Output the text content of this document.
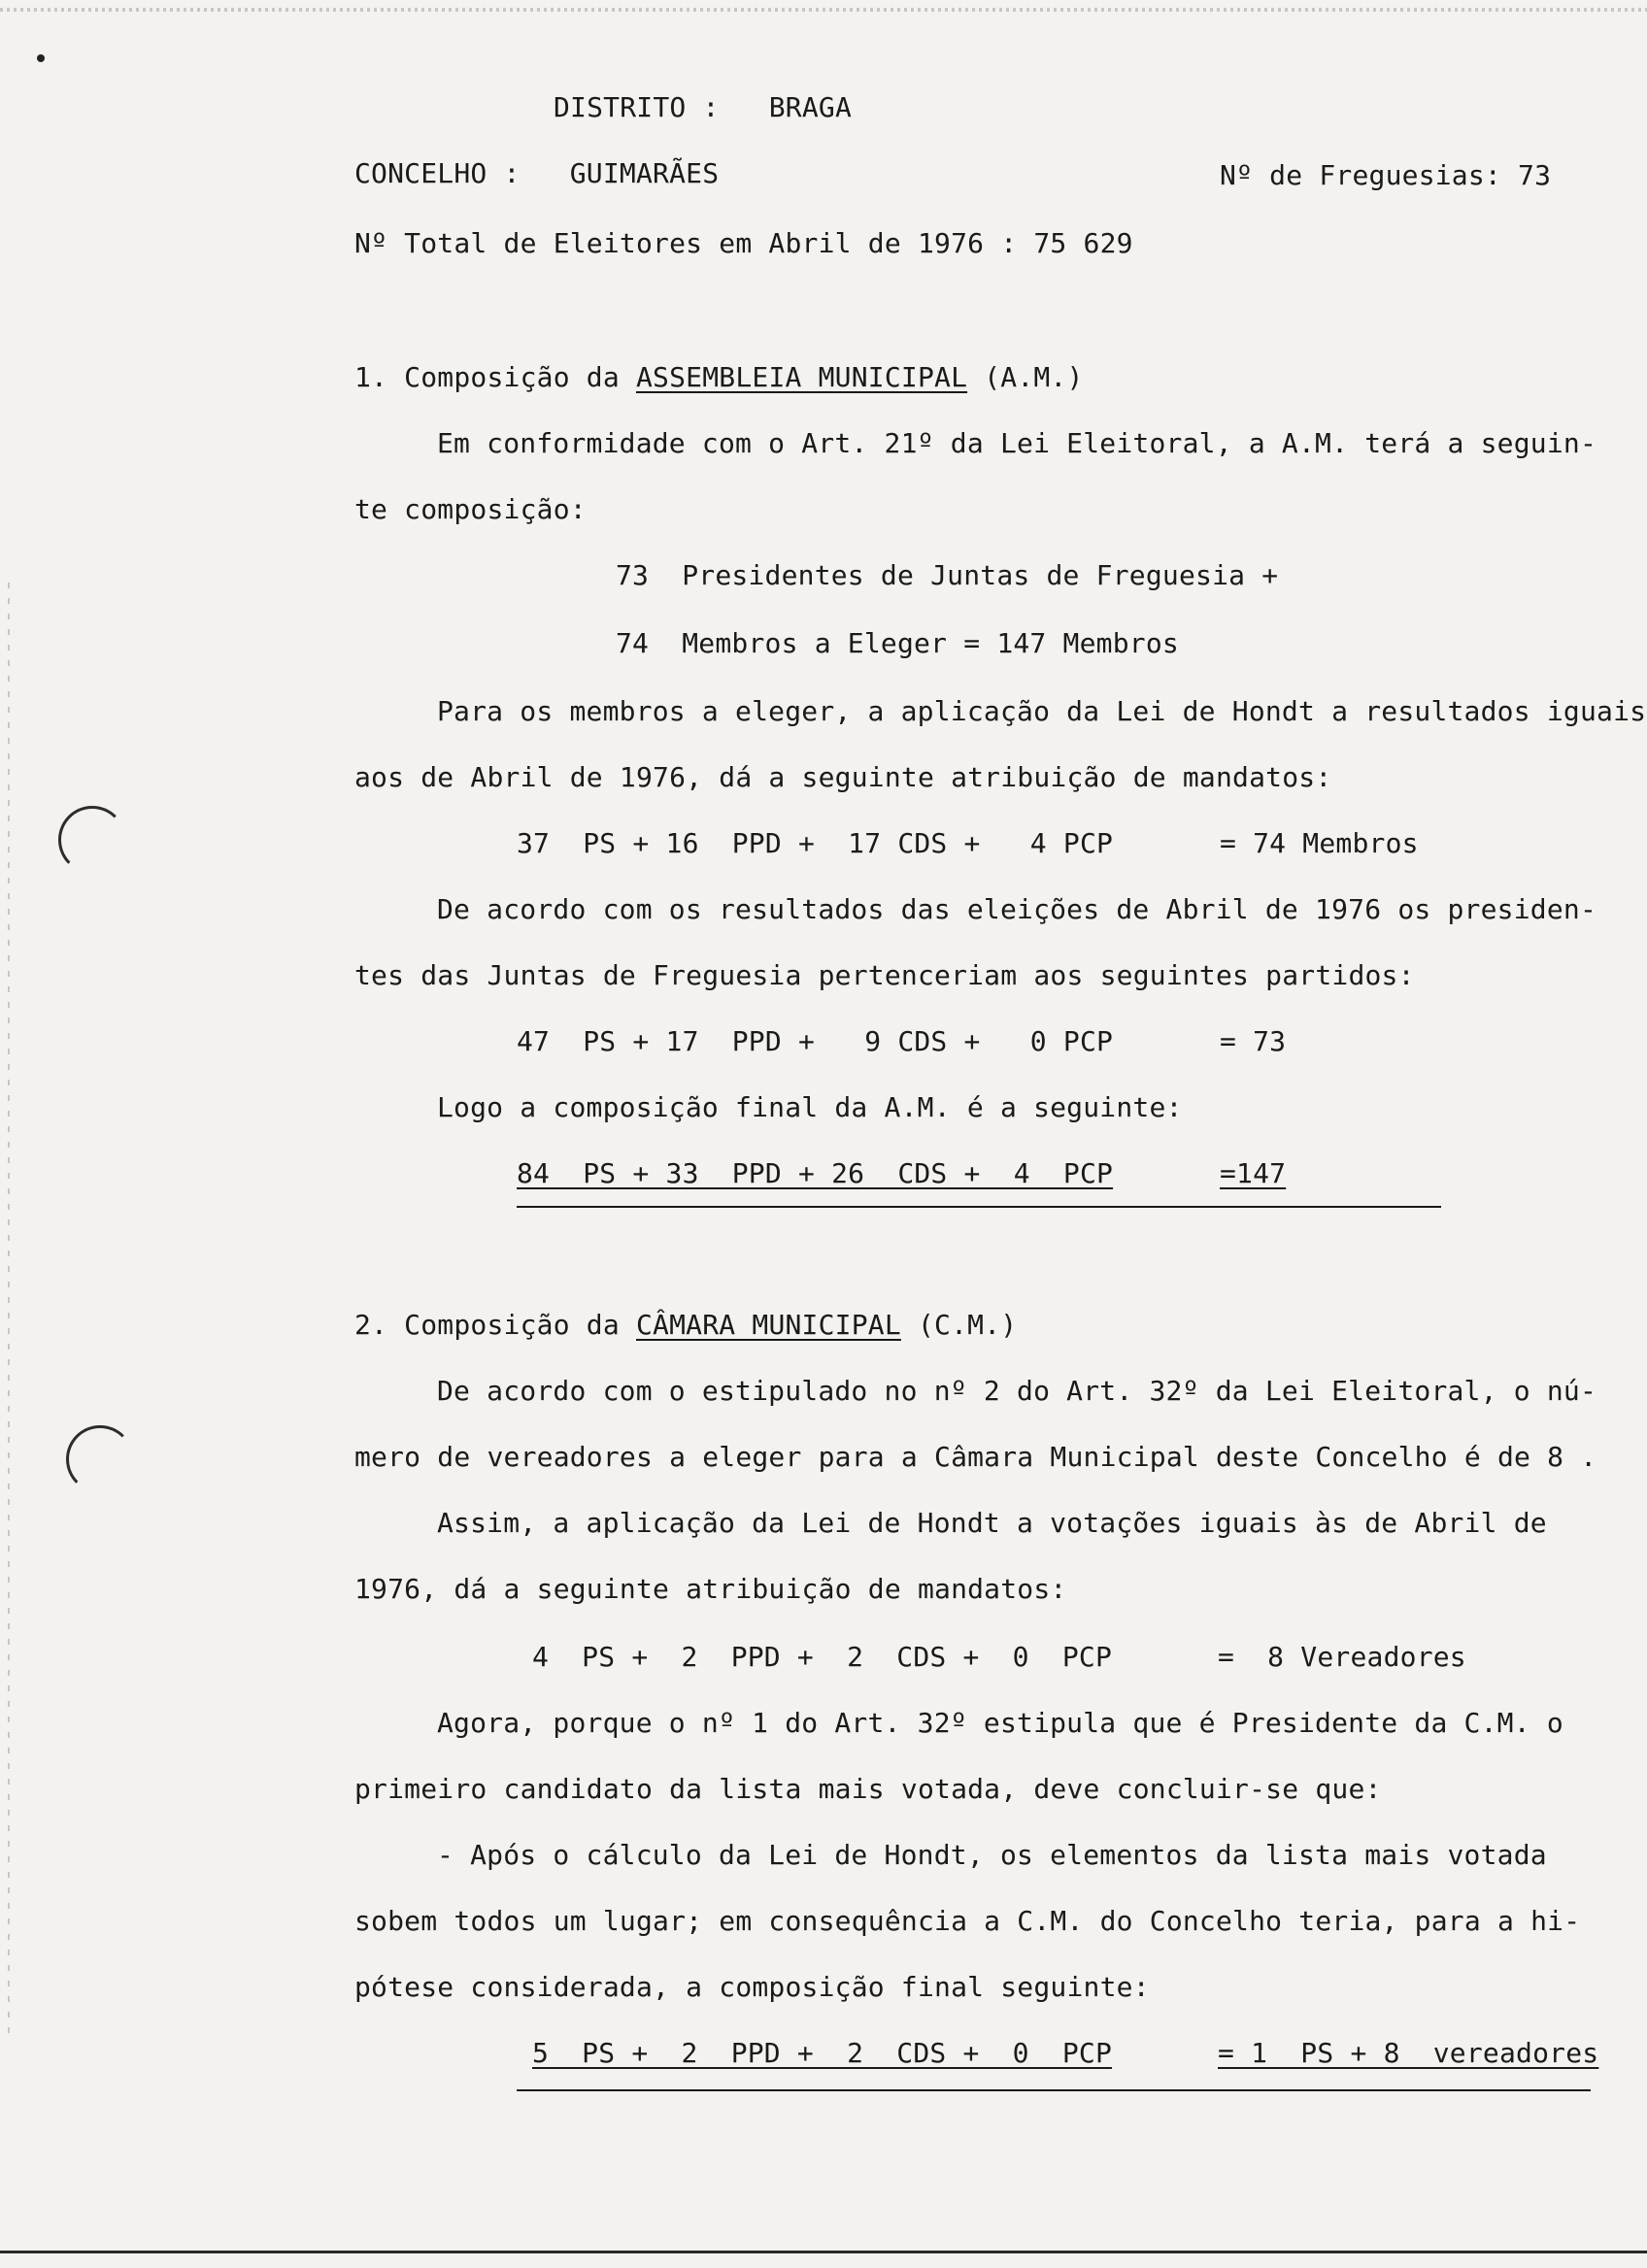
DISTRITO :   BRAGA
CONCELHO :   GUIMARÃES	Nº de Freguesias: 73
Nº Total de Eleitores em Abril de 1976 : 75 629
1. Composição da ASSEMBLEIA MUNICIPAL (A.M.)
Em conformidade com o Art. 21º da Lei Eleitoral, a A.M. terá a seguin-
te composição:
73  Presidentes de Juntas de Freguesia +
74  Membros a Eleger = 147 Membros
Para os membros a eleger, a aplicação da Lei de Hondt a resultados iguais
aos de Abril de 1976, dá a seguinte atribuição de mandatos:
37  PS + 16  PPD +  17 CDS +   4 PCP	= 74 Membros
De acordo com os resultados das eleições de Abril de 1976 os presiden-
tes das Juntas de Freguesia pertenceriam aos seguintes partidos:
47  PS + 17  PPD +   9 CDS +   0 PCP	= 73
Logo a composição final da A.M. é a seguinte:
84  PS + 33  PPD + 26  CDS +  4  PCP	=147
2. Composição da CÂMARA MUNICIPAL (C.M.)
De acordo com o estipulado no nº 2 do Art. 32º da Lei Eleitoral, o nú-
mero de vereadores a eleger para a Câmara Municipal deste Concelho é de 8 .
Assim, a aplicação da Lei de Hondt a votações iguais às de Abril de
1976, dá a seguinte atribuição de mandatos:
4  PS +  2  PPD +  2  CDS +  0  PCP	=  8 Vereadores
Agora, porque o nº 1 do Art. 32º estipula que é Presidente da C.M. o
primeiro candidato da lista mais votada, deve concluir-se que:
- Após o cálculo da Lei de Hondt, os elementos da lista mais votada
sobem todos um lugar; em consequência a C.M. do Concelho teria, para a hi-
pótese considerada, a composição final seguinte:
5  PS +  2  PPD +  2  CDS +  0  PCP	= 1  PS + 8  vereadores
